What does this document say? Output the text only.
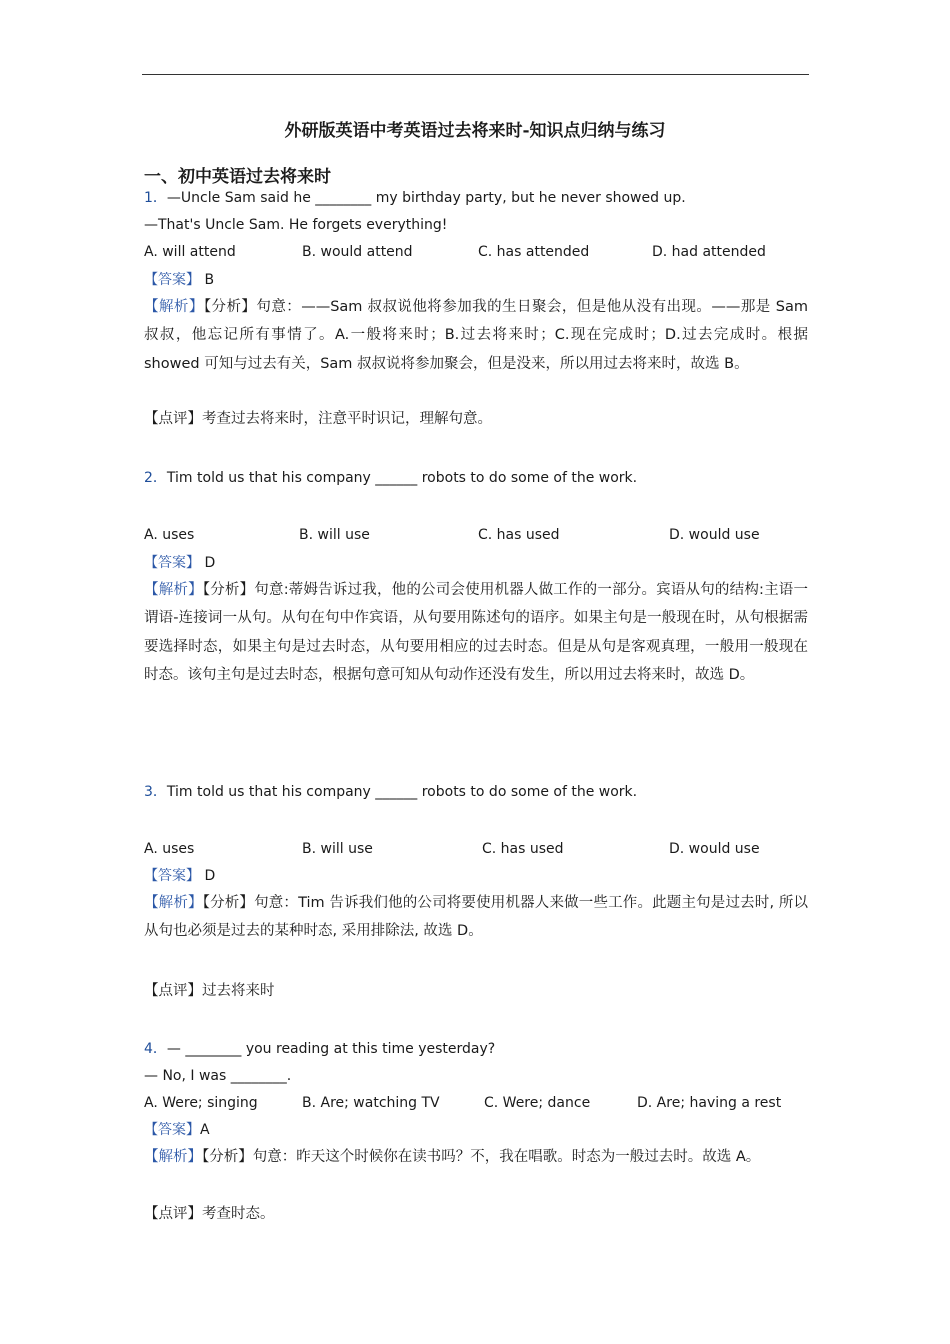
外研版英语中考英语过去将来时-知识点归纳与练习
一、初中英语过去将来时
1．—Uncle Sam said he ________ my birthday party, but he never showed up.
—That's Uncle Sam. He forgets everything!
A. will attend	B. would attend	C. has attended	D. had attended
【答案】 B
【解析】【分析】句意：——Sam 叔叔说他将参加我的生日聚会，但是他从没有出现。——那是 Sam 叔叔，他忘记所有事情了。A.一般将来时；B.过去将来时；C.现在完成时；D.过去完成时。根据 showed 可知与过去有关，Sam 叔叔说将参加聚会，但是没来，所以用过去将来时，故选 B。
【点评】考查过去将来时，注意平时识记，理解句意。
2．Tim told us that his company ______ robots to do some of the work.
A. uses	B. will use	C. has used	D. would use
【答案】 D
【解析】【分析】句意:蒂姆告诉过我，他的公司会使用机器人做工作的一部分。宾语从句的结构:主语一谓语-连接词一从句。从句在句中作宾语，从句要用陈述句的语序。如果主句是一般现在时，从句根据需要选择时态，如果主句是过去时态，从句要用相应的过去时态。但是从句是客观真理，一般用一般现在时态。该句主句是过去时态，根据句意可知从句动作还没有发生，所以用过去将来时，故选 D。
3．Tim told us that his company ______ robots to do some of the work.
A. uses	B. will use	C. has used	D. would use
【答案】 D
【解析】【分析】句意：Tim 告诉我们他的公司将要使用机器人来做一些工作。此题主句是过去时, 所以从句也必须是过去的某种时态, 采用排除法, 故选 D。
【点评】过去将来时
4．— ________ you reading at this time yesterday?
— No, I was ________.
A. Were; singing	B. Are; watching TV	C. Were; dance	D. Are; having a rest
【答案】A
【解析】【分析】句意：昨天这个时候你在读书吗？不，我在唱歌。时态为一般过去时。故选 A。
【点评】考查时态。
